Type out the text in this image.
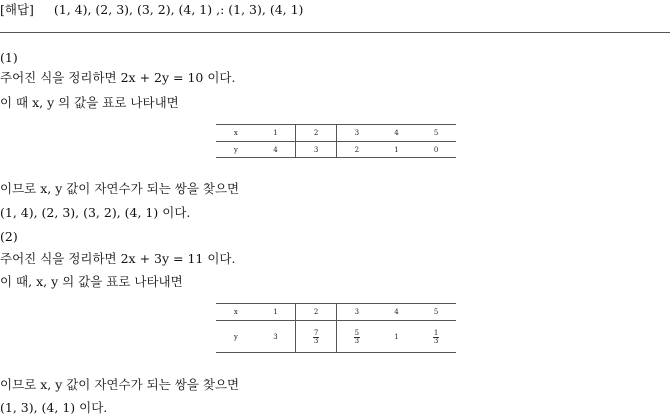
[해답] (1, 4), (2, 3), (3, 2), (4, 1) ,: (1, 3), (4, 1)
(1)
주어진 식을 정리하면 2x + 2y = 10 이다.
이 때 x, y 의 값을 표로 나타내면
x	1	2	3	4	5
y	4	3	2	1	0
이므로 x, y 값이 자연수가 되는 쌍을 찾으면
(1, 4), (2, 3), (3, 2), (4, 1) 이다.
(2)
주어진 식을 정리하면 2x + 3y = 11 이다.
이 때, x, y 의 값을 표로 나타내면
x	1	2	3	4	5
y	3	$\frac{7}{3}$	$\frac{5}{3}$	1	$\frac{1}{3}$
이므로 x, y 값이 자연수가 되는 쌍을 찾으면
(1, 3), (4, 1) 이다.
